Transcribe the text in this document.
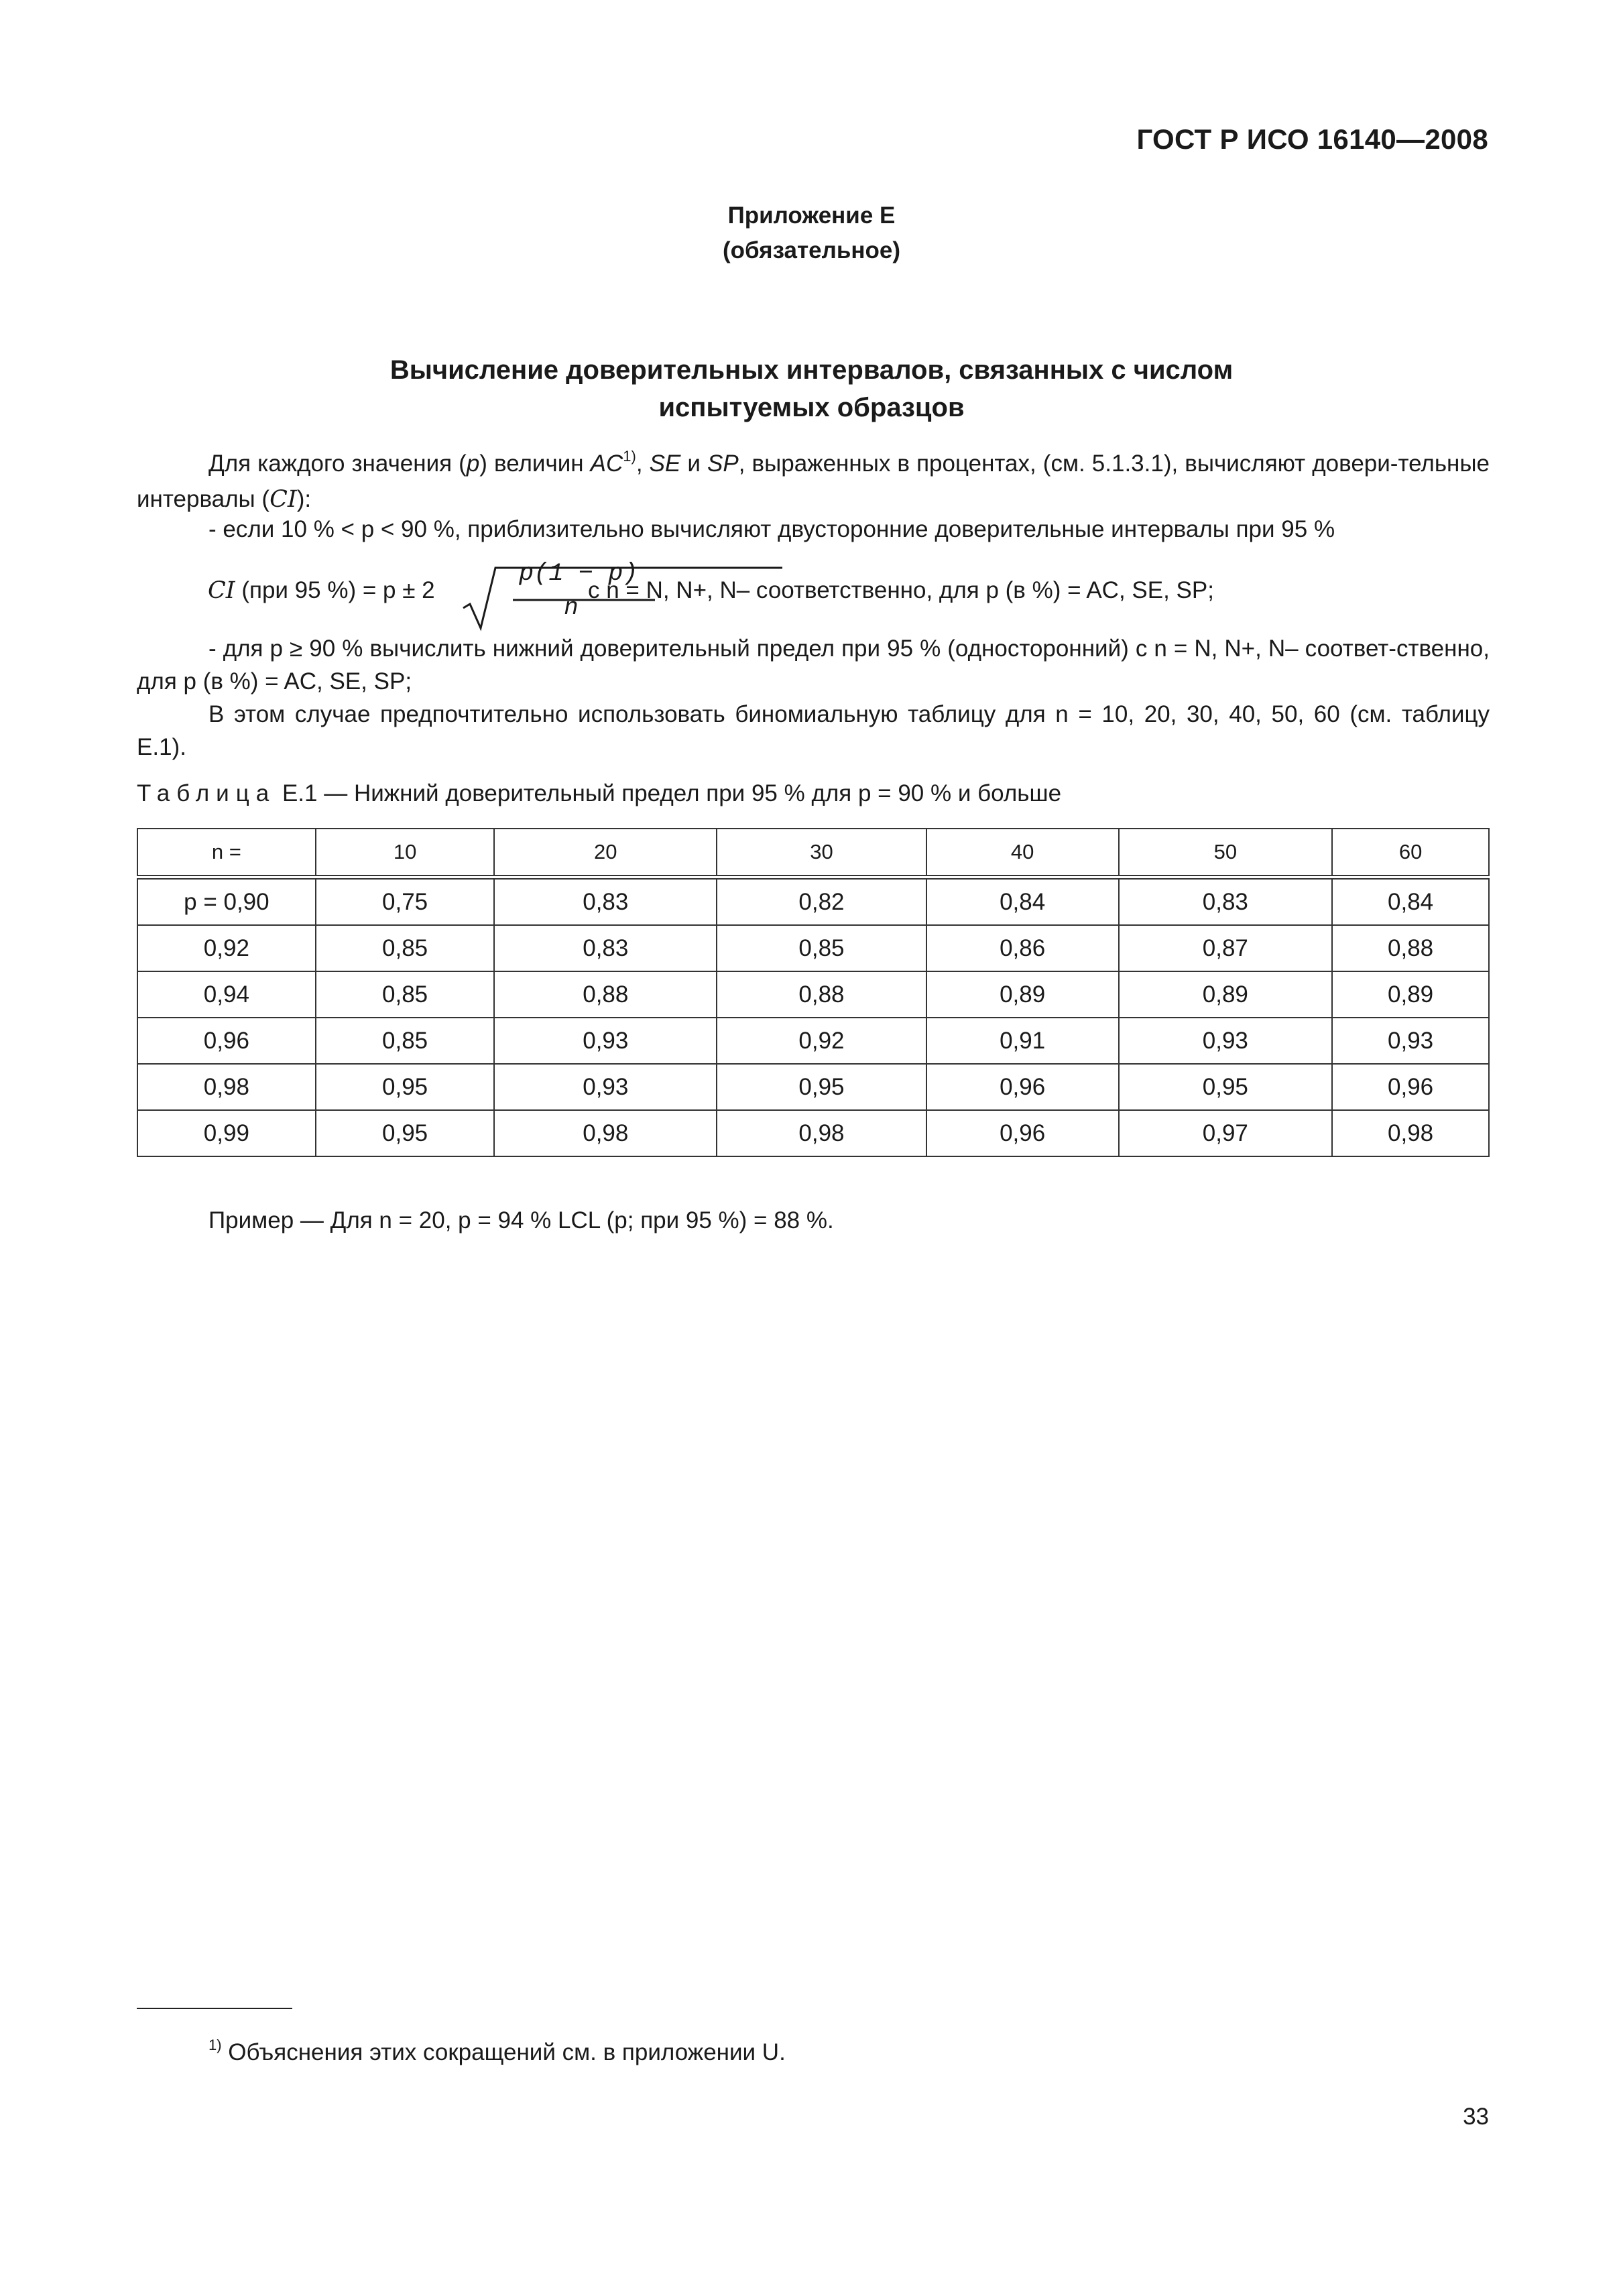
ГОСТ Р ИСО 16140—2008
Приложение E
(обязательное)
Вычисление доверительных интервалов, связанных с числом
испытуемых образцов
Для каждого значения (p) величин AC$^{1)}$, SE и SP, выраженных в процентах, (см. 5.1.3.1), вычисляют довери-тельные интервалы (CI):
- если 10 % < p < 90 %, приблизительно вычисляют двусторонние доверительные интервалы при 95 %
CI (при 95 %) = p ± 2
p(1 − p)
n
с n = N, N+, N– соответственно, для p (в %) = AC, SE, SP;
- для p ≥ 90 % вычислить нижний доверительный предел при 95 % (односторонний) с n = N, N+, N– соответ-ственно, для p (в %) = AC, SE, SP;
В этом случае предпочтительно использовать биномиальную таблицу для n = 10, 20, 30, 40, 50, 60 (см. таблицу E.1).
Таблица E.1 — Нижний доверительный предел при 95 % для p = 90 % и больше
n =	10	20	30	40	50	60
p = 0,90	0,75	0,83	0,82	0,84	0,83	0,84
0,92	0,85	0,83	0,85	0,86	0,87	0,88
0,94	0,85	0,88	0,88	0,89	0,89	0,89
0,96	0,85	0,93	0,92	0,91	0,93	0,93
0,98	0,95	0,93	0,95	0,96	0,95	0,96
0,99	0,95	0,98	0,98	0,96	0,97	0,98
Пример — Для n = 20, p = 94 % LCL (p; при 95 %) = 88 %.
$^{1)}$ Объяснения этих сокращений см. в приложении U.
33
